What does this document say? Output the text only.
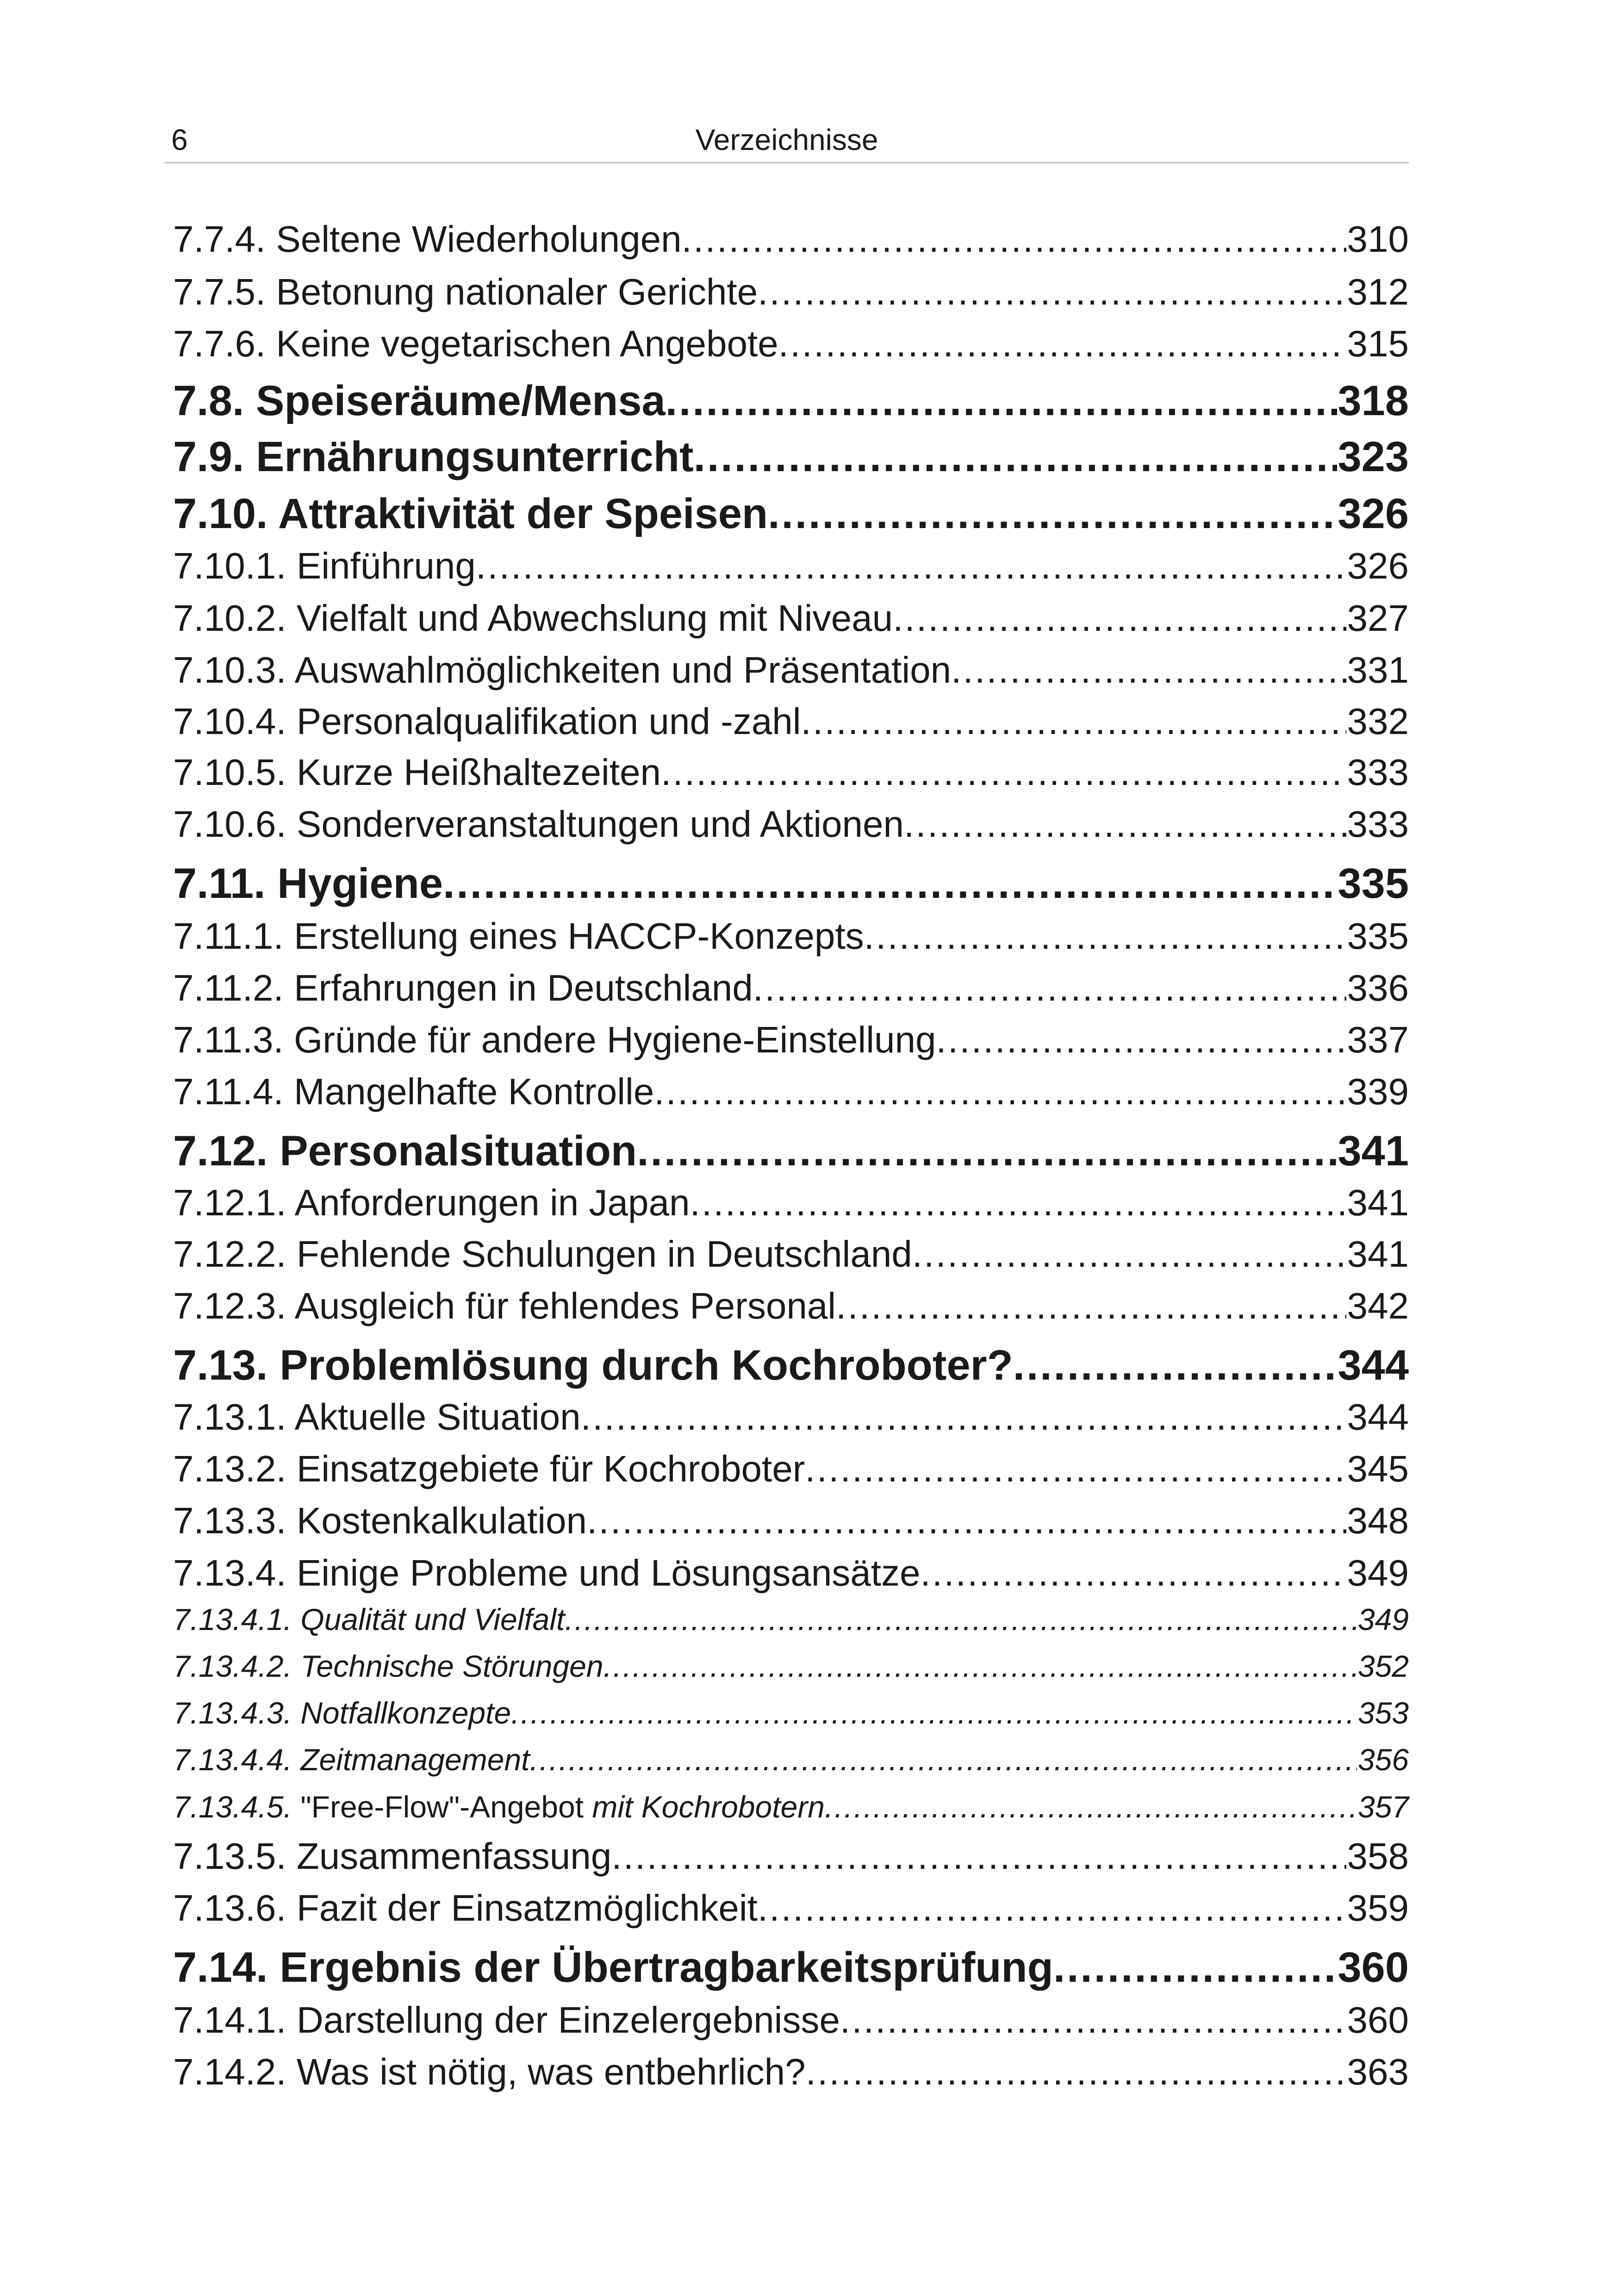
6	Verzeichnisse
7.7.4. Seltene Wiederholungen .....	310
7.7.5. Betonung nationaler Gerichte .....	312
7.7.6. Keine vegetarischen Angebote .....	315
7.8. Speiseräume/Mensa .....	318
7.9. Ernährungsunterricht .....	323
7.10. Attraktivität der Speisen .....	326
7.10.1. Einführung .....	326
7.10.2. Vielfalt und Abwechslung mit Niveau .....	327
7.10.3. Auswahlmöglichkeiten und Präsentation .....	331
7.10.4. Personalqualifikation und -zahl .....	332
7.10.5. Kurze Heißhaltezeiten .....	333
7.10.6. Sonderveranstaltungen und Aktionen .....	333
7.11. Hygiene .....	335
7.11.1. Erstellung eines HACCP-Konzepts .....	335
7.11.2. Erfahrungen in Deutschland .....	336
7.11.3. Gründe für andere Hygiene-Einstellung .....	337
7.11.4. Mangelhafte Kontrolle .....	339
7.12. Personalsituation .....	341
7.12.1. Anforderungen in Japan .....	341
7.12.2. Fehlende Schulungen in Deutschland .....	341
7.12.3. Ausgleich für fehlendes Personal .....	342
7.13. Problemlösung durch Kochroboter? .....	344
7.13.1. Aktuelle Situation .....	344
7.13.2. Einsatzgebiete für Kochroboter .....	345
7.13.3. Kostenkalkulation .....	348
7.13.4. Einige Probleme und Lösungsansätze .....	349
7.13.4.1. Qualität und Vielfalt .....	349
7.13.4.2. Technische Störungen .....	352
7.13.4.3. Notfallkonzepte .....	353
7.13.4.4. Zeitmanagement .....	356
7.13.4.5. "Free-Flow"-Angebot mit Kochrobotern .....	357
7.13.5. Zusammenfassung .....	358
7.13.6. Fazit der Einsatzmöglichkeit .....	359
7.14. Ergebnis der Übertragbarkeitsprüfung .....	360
7.14.1. Darstellung der Einzelergebnisse .....	360
7.14.2. Was ist nötig, was entbehrlich? .....	363
